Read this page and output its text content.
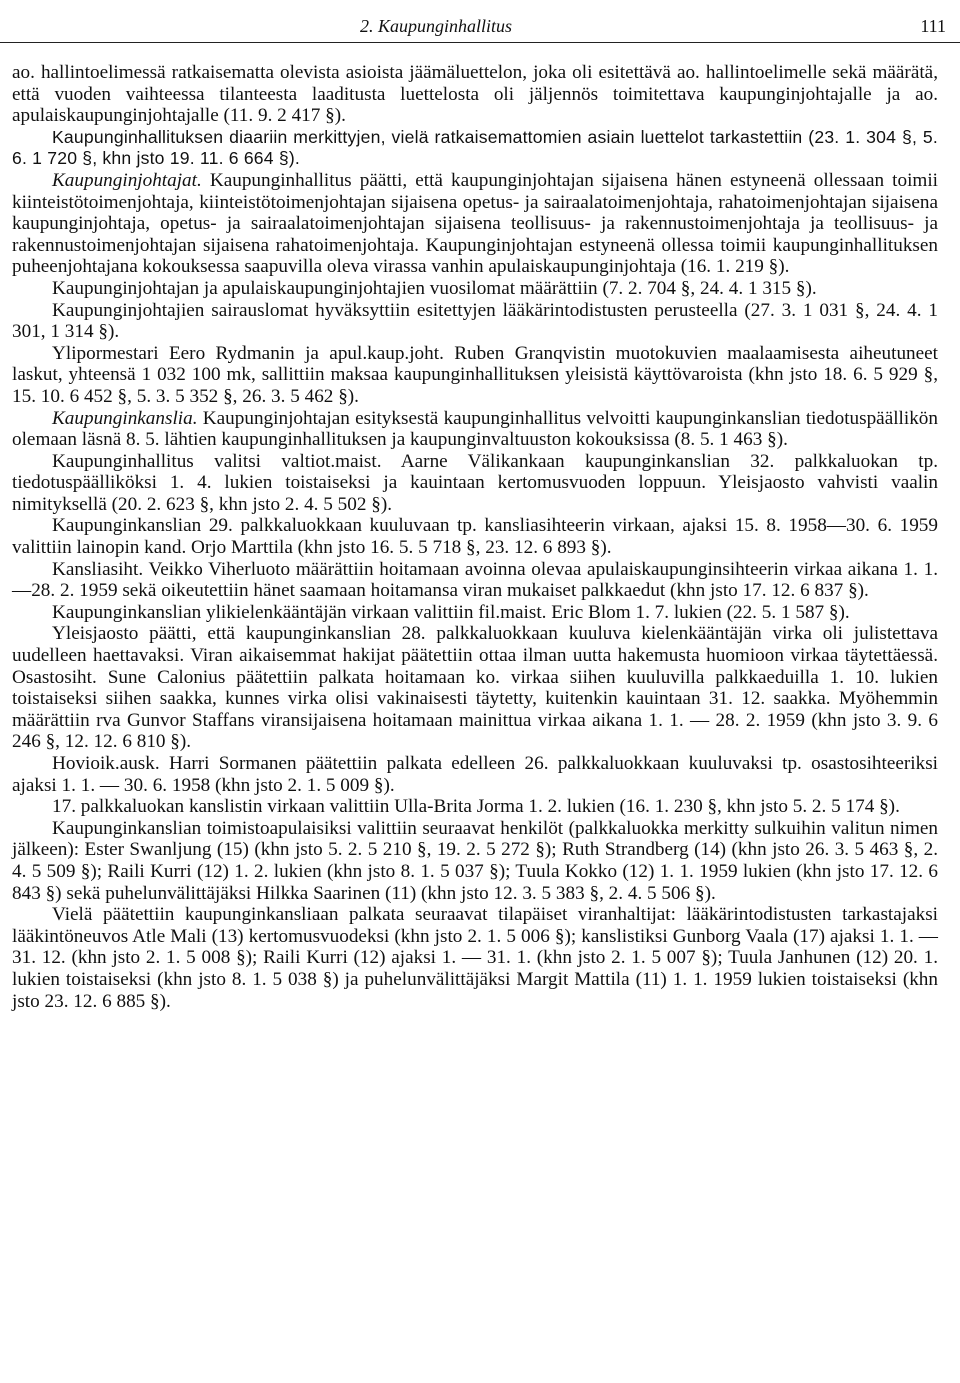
2. Kaupunginhallitus	111

ao. hallintoelimessä ratkaisematta olevista asioista jäämäluettelon, joka oli esitettävä ao. hallintoelimelle sekä määrätä, että vuoden vaihteessa tilanteesta laaditusta luettelosta oli jäljennös toimitettava kaupunginjohtajalle ja ao. apulaiskaupunginjohtajalle (11. 9. 2 417 §).

Kaupunginhallituksen diaariin merkittyjen, vielä ratkaisemattomien asiain luettelot tarkastettiin (23. 1. 304 §, 5. 6. 1 720 §, khn jsto 19. 11. 6 664 §).

Kaupunginjohtajat. Kaupunginhallitus päätti, että kaupunginjohtajan sijaisena hänen estyneenä ollessaan toimii kiinteistötoimenjohtaja, kiinteistötoimenjohtajan sijaisena opetus- ja sairaalatoimenjohtaja, rahatoimenjohtajan sijaisena kaupunginjohtaja, opetus- ja sairaalatoimenjohtajan sijaisena teollisuus- ja rakennustoimenjohtaja ja teollisuus- ja rakennustoimenjohtajan sijaisena rahatoimenjohtaja. Kaupunginjohtajan estyneenä ollessa toimii kaupunginhallituksen puheenjohtajana kokouksessa saapuvilla oleva virassa vanhin apulaiskaupunginjohtaja (16. 1. 219 §).

Kaupunginjohtajan ja apulaiskaupunginjohtajien vuosilomat määrättiin (7. 2. 704 §, 24. 4. 1 315 §).

Kaupunginjohtajien sairauslomat hyväksyttiin esitettyjen lääkärintodistusten perusteella (27. 3. 1 031 §, 24. 4. 1 301, 1 314 §).

Ylipormestari Eero Rydmanin ja apul.kaup.joht. Ruben Granqvistin muotokuvien maalaamisesta aiheutuneet laskut, yhteensä 1 032 100 mk, sallittiin maksaa kaupunginhallituksen yleisistä käyttövaroista (khn jsto 18. 6. 5 929 §, 15. 10. 6 452 §, 5. 3. 5 352 §, 26. 3. 5 462 §).

Kaupunginkanslia. Kaupunginjohtajan esityksestä kaupunginhallitus velvoitti kaupunginkanslian tiedotuspäällikön olemaan läsnä 8. 5. lähtien kaupunginhallituksen ja kaupunginvaltuuston kokouksissa (8. 5. 1 463 §).

Kaupunginhallitus valitsi valtiot.maist. Aarne Välikankaan kaupunginkanslian 32. palkkaluokan tp. tiedotuspäälliköksi 1. 4. lukien toistaiseksi ja kauintaan kertomusvuoden loppuun. Yleisjaosto vahvisti vaalin nimityksellä (20. 2. 623 §, khn jsto 2. 4. 5 502 §).

Kaupunginkanslian 29. palkkaluokkaan kuuluvaan tp. kansliasihteerin virkaan, ajaksi 15. 8. 1958—30. 6. 1959 valittiin lainopin kand. Orjo Marttila (khn jsto 16. 5. 5 718 §, 23. 12. 6 893 §).

Kansliasiht. Veikko Viherluoto määrättiin hoitamaan avoinna olevaa apulaiskaupunginsihteerin virkaa aikana 1. 1. —28. 2. 1959 sekä oikeutettiin hänet saamaan hoitamansa viran mukaiset palkkaedut (khn jsto 17. 12. 6 837 §).

Kaupunginkanslian ylikielenkääntäjän virkaan valittiin fil.maist. Eric Blom 1. 7. lukien (22. 5. 1 587 §).

Yleisjaosto päätti, että kaupunginkanslian 28. palkkaluokkaan kuuluva kielenkääntäjän virka oli julistettava uudelleen haettavaksi. Viran aikaisemmat hakijat päätettiin ottaa ilman uutta hakemusta huomioon virkaa täytettäessä. Osastosiht. Sune Calonius päätettiin palkata hoitamaan ko. virkaa siihen kuuluvilla palkkaeduilla 1. 10. lukien toistaiseksi siihen saakka, kunnes virka olisi vakinaisesti täytetty, kuitenkin kauintaan 31. 12. saakka. Myöhemmin määrättiin rva Gunvor Staffans viransijaisena hoitamaan mainittua virkaa aikana 1. 1. — 28. 2. 1959 (khn jsto 3. 9. 6 246 §, 12. 12. 6 810 §).

Hovioik.ausk. Harri Sormanen päätettiin palkata edelleen 26. palkkaluokkaan kuuluvaksi tp. osastosihteeriksi ajaksi 1. 1. — 30. 6. 1958 (khn jsto 2. 1. 5 009 §).

17. palkkaluokan kanslistin virkaan valittiin Ulla-Brita Jorma 1. 2. lukien (16. 1. 230 §, khn jsto 5. 2. 5 174 §).

Kaupunginkanslian toimistoapulaisiksi valittiin seuraavat henkilöt (palkkaluokka merkitty sulkuihin valitun nimen jälkeen): Ester Swanljung (15) (khn jsto 5. 2. 5 210 §, 19. 2. 5 272 §); Ruth Strandberg (14) (khn jsto 26. 3. 5 463 §, 2. 4. 5 509 §); Raili Kurri (12) 1. 2. lukien (khn jsto 8. 1. 5 037 §); Tuula Kokko (12) 1. 1. 1959 lukien (khn jsto 17. 12. 6 843 §) sekä puhelunvälittäjäksi Hilkka Saarinen (11) (khn jsto 12. 3. 5 383 §, 2. 4. 5 506 §).

Vielä päätettiin kaupunginkansliaan palkata seuraavat tilapäiset viranhaltijat: lääkärintodistusten tarkastajaksi lääkintöneuvos Atle Mali (13) kertomusvuodeksi (khn jsto 2. 1. 5 006 §); kanslistiksi Gunborg Vaala (17) ajaksi 1. 1. — 31. 12. (khn jsto 2. 1. 5 008 §); Raili Kurri (12) ajaksi 1. — 31. 1. (khn jsto 2. 1. 5 007 §); Tuula Janhunen (12) 20. 1. lukien toistaiseksi (khn jsto 8. 1. 5 038 §) ja puhelunvälittäjäksi Margit Mattila (11) 1. 1. 1959 lukien toistaiseksi (khn jsto 23. 12. 6 885 §).
